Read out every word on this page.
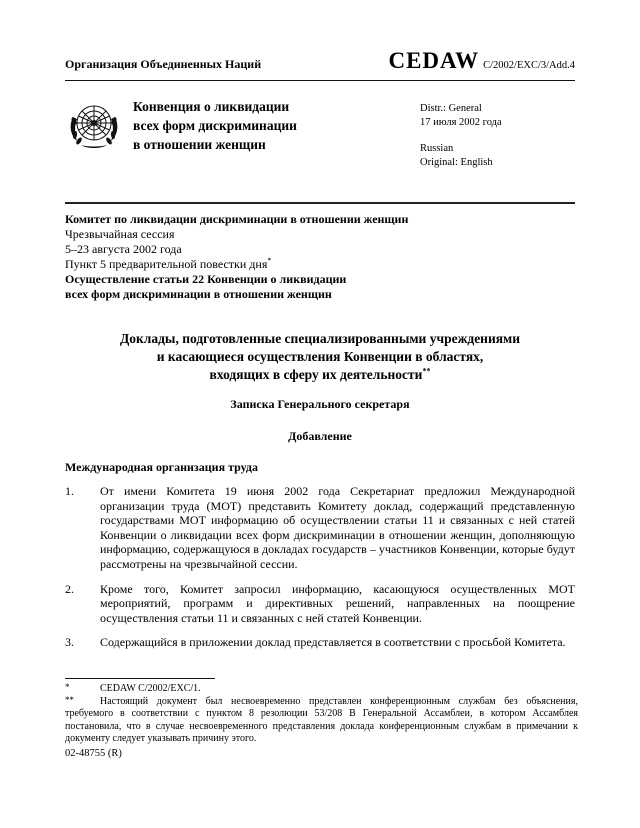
Организация Объединенных Наций	CEDAW C/2002/EXC/3/Add.4
Конвенция о ликвидации
всех форм дискриминации
в отношении женщин
Distr.: General
17 июля 2002 года
Russian
Original: English
Комитет по ликвидации дискриминации в отношении женщин
Чрезвычайная сессия
5–23 августа 2002 года
Пункт 5 предварительной повестки дня*
Осуществление статьи 22 Конвенции о ликвидации
всех форм дискриминации в отношении женщин
Доклады, подготовленные специализированными учреждениями
и касающиеся осуществления Конвенции в областях,
входящих в сферу их деятельности**
Записка Генерального секретаря
Добавление
Международная организация труда
1.	От имени Комитета 19 июня 2002 года Секретариат предложил Международной организации труда (МОТ) представить Комитету доклад, содержащий представленную государствами МОТ информацию об осуществлении статьи 11 и связанных с ней статей Конвенции о ликвидации всех форм дискриминации в отношении женщин, дополняющую информацию, содержащуюся в докладах государств – участников Конвенции, которые будут рассмотрены на чрезвычайной сессии.
2.	Кроме того, Комитет запросил информацию, касающуюся осуществленных МОТ мероприятий, программ и директивных решений, направленных на поощрение осуществления статьи 11 и связанных с ней статей Конвенции.
3.	Содержащийся в приложении доклад представляется в соответствии с просьбой Комитета.
*	CEDAW C/2002/EXC/1.
**	Настоящий документ был несвоевременно представлен конференционным службам без объяснения, требуемого в соответствии с пунктом 8 резолюции 53/208 В Генеральной Ассамблеи, в котором Ассамблея постановила, что в случае несвоевременного представления доклада конференционным службам в примечании к документу следует указывать причину этого.
02-48755 (R)
